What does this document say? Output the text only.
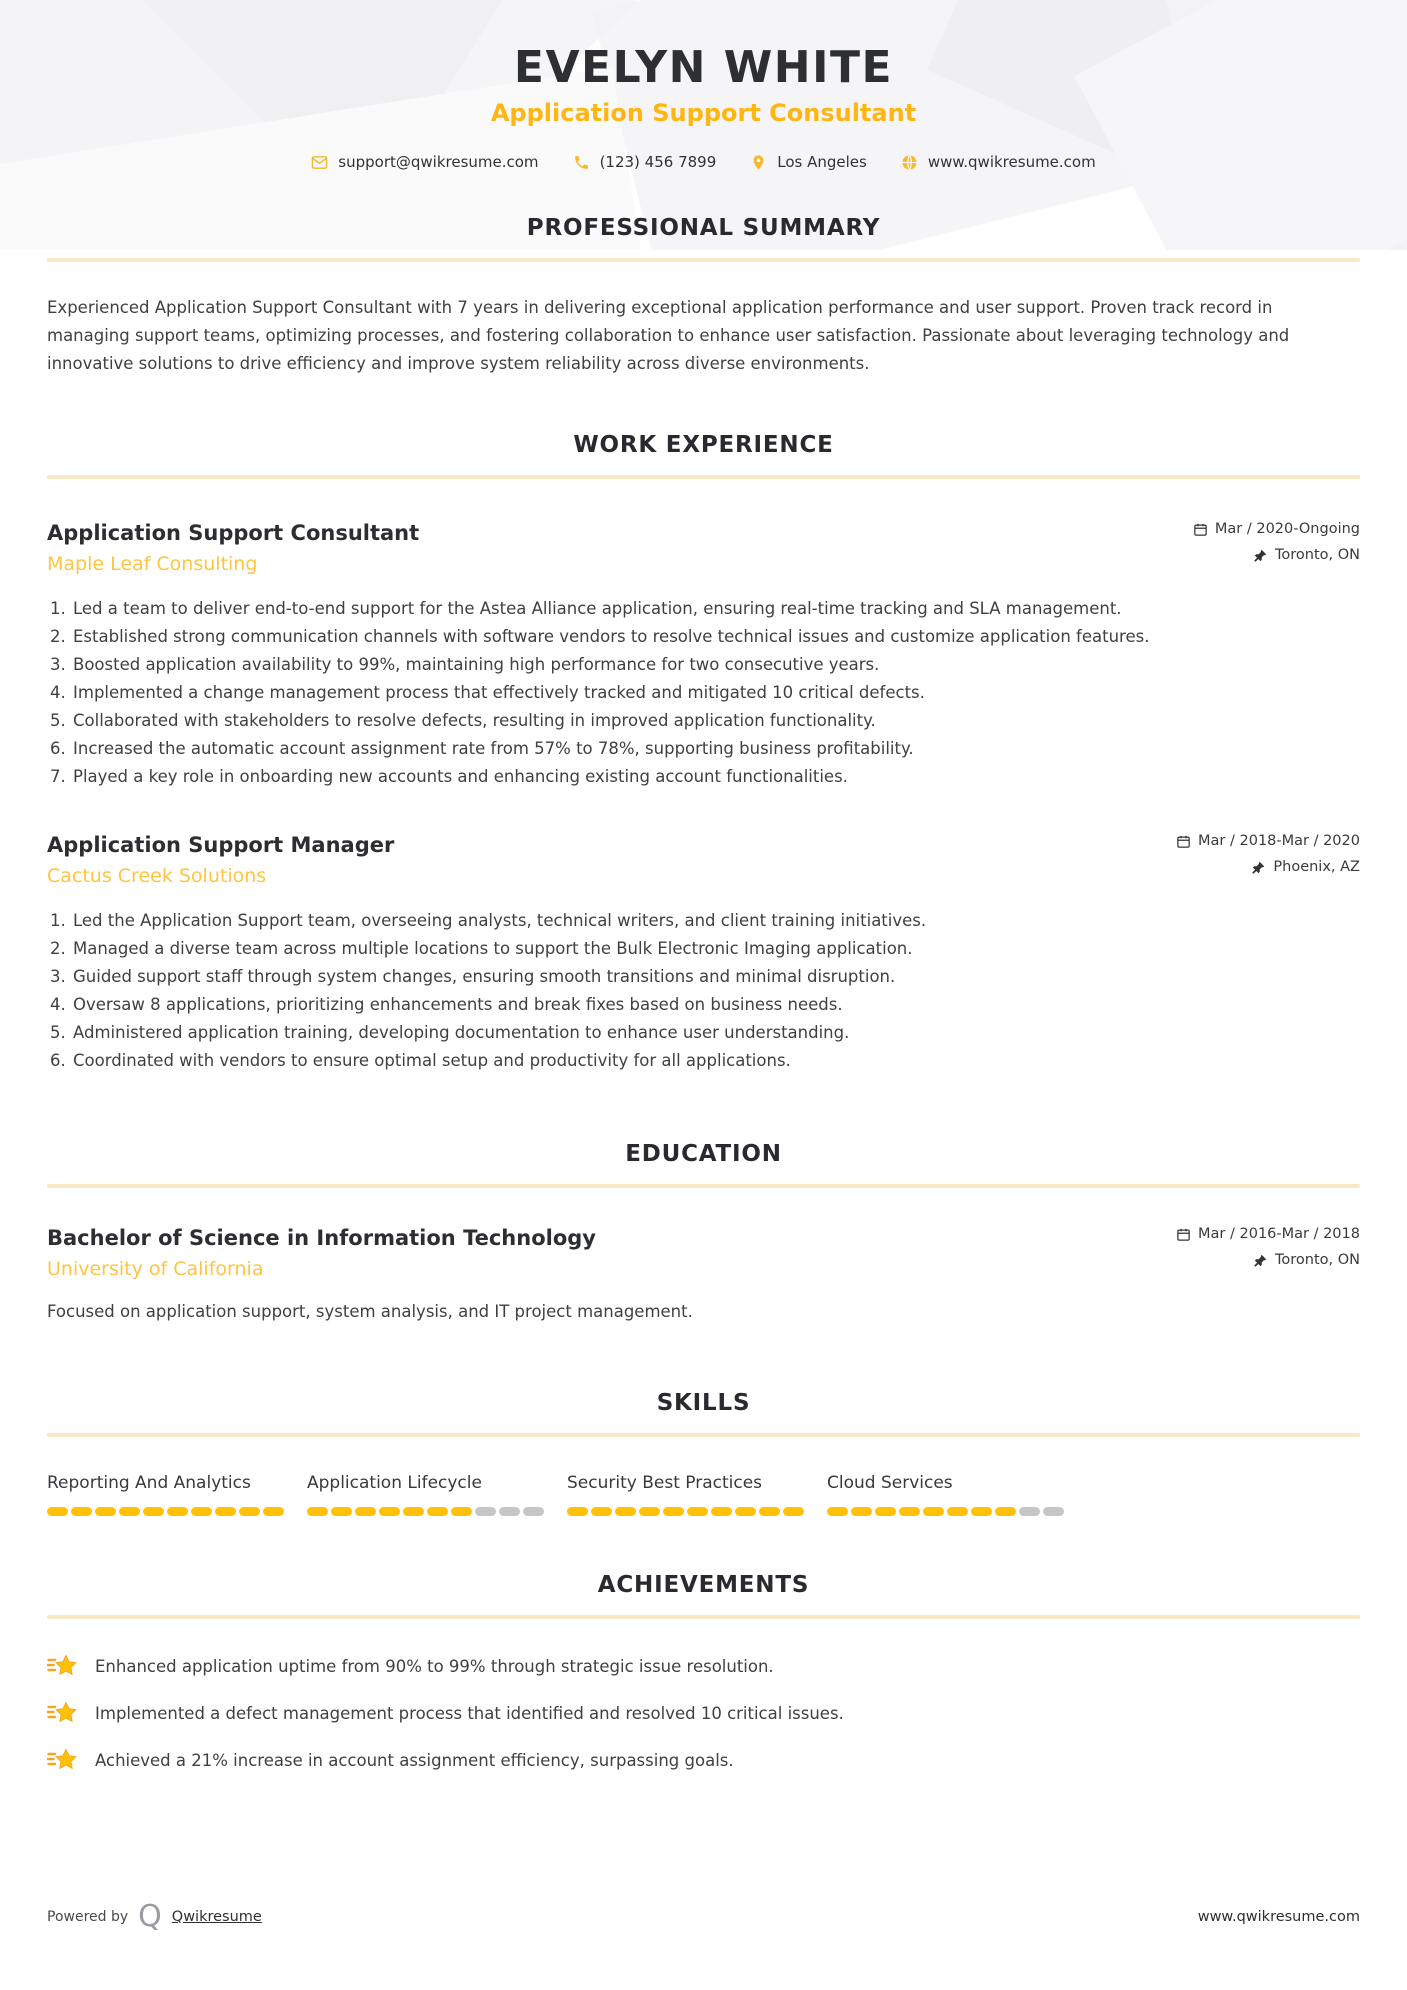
EVELYN WHITE
Application Support Consultant
support@qwikresume.com	(123) 456 7899	Los Angeles	www.qwikresume.com
PROFESSIONAL SUMMARY

Experienced Application Support Consultant with 7 years in delivering exceptional application performance and user support. Proven track record in managing support teams, optimizing processes, and fostering collaboration to enhance user satisfaction. Passionate about leveraging technology and innovative solutions to drive efficiency and improve system reliability across diverse environments.

WORK EXPERIENCE
Application Support Consultant
Maple Leaf Consulting
Mar / 2020-Ongoing
Toronto, ON
1. Led a team to deliver end-to-end support for the Astea Alliance application, ensuring real-time tracking and SLA management.
2. Established strong communication channels with software vendors to resolve technical issues and customize application features.
3. Boosted application availability to 99%, maintaining high performance for two consecutive years.
4. Implemented a change management process that effectively tracked and mitigated 10 critical defects.
5. Collaborated with stakeholders to resolve defects, resulting in improved application functionality.
6. Increased the automatic account assignment rate from 57% to 78%, supporting business profitability.
7. Played a key role in onboarding new accounts and enhancing existing account functionalities.
Application Support Manager
Cactus Creek Solutions
Mar / 2018-Mar / 2020
Phoenix, AZ
1. Led the Application Support team, overseeing analysts, technical writers, and client training initiatives.
2. Managed a diverse team across multiple locations to support the Bulk Electronic Imaging application.
3. Guided support staff through system changes, ensuring smooth transitions and minimal disruption.
4. Oversaw 8 applications, prioritizing enhancements and break fixes based on business needs.
5. Administered application training, developing documentation to enhance user understanding.
6. Coordinated with vendors to ensure optimal setup and productivity for all applications.
EDUCATION
Bachelor of Science in Information Technology
University of California
Mar / 2016-Mar / 2018
Toronto, ON

Focused on application support, system analysis, and IT project management.

SKILLS
Reporting And Analytics	Application Lifecycle	Security Best Practices	Cloud Services
ACHIEVEMENTS
Enhanced application uptime from 90% to 99% through strategic issue resolution.
Implemented a defect management process that identified and resolved 10 critical issues.
Achieved a 21% increase in account assignment efficiency, surpassing goals.
Powered by Q Qwikresume	www.qwikresume.com
